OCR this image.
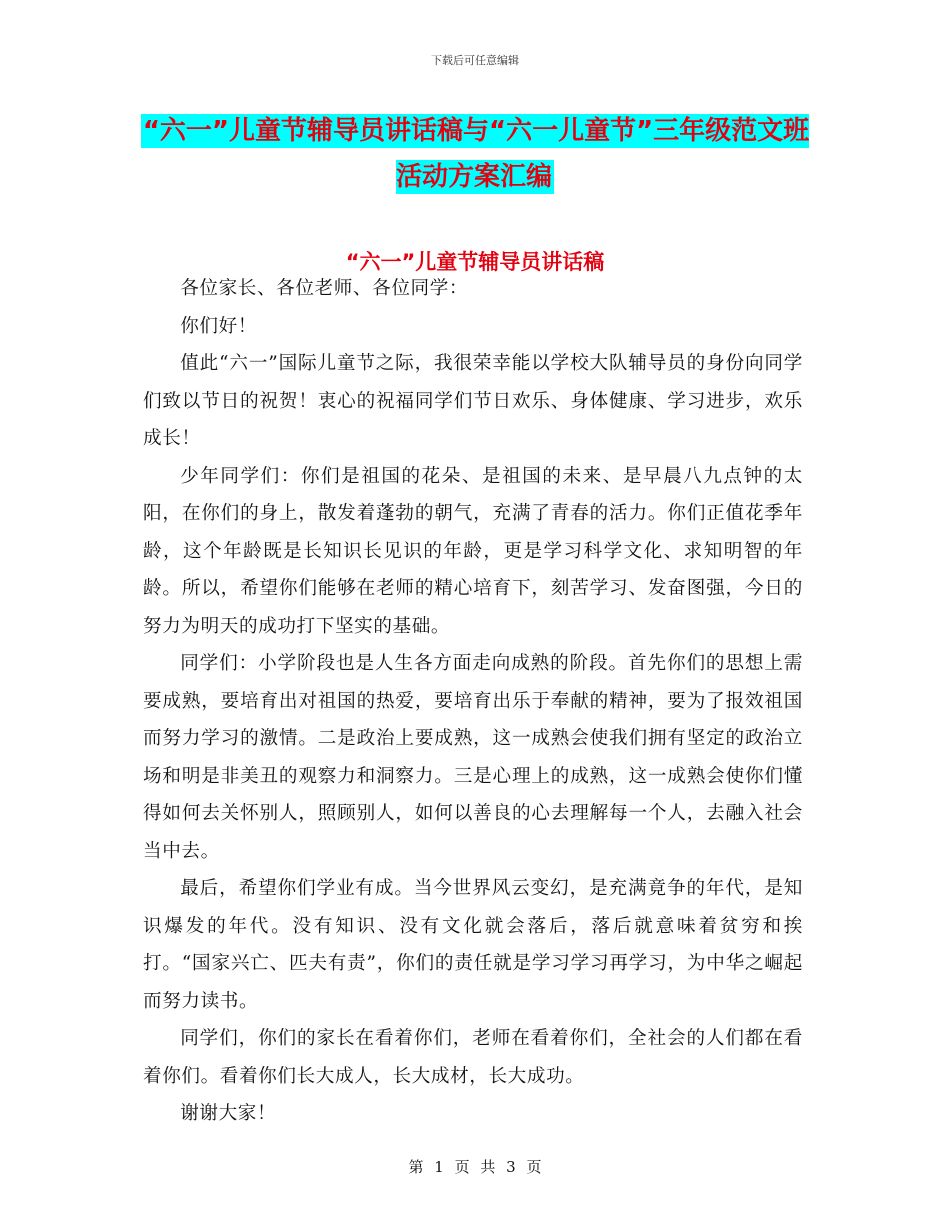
下载后可任意编辑
“六一”儿童节辅导员讲话稿与“六一儿童节”三年级范文班活动方案汇编
“六一”儿童节辅导员讲话稿

各位家长、各位老师、各位同学：

你们好！

值此“六一”国际儿童节之际，我很荣幸能以学校大队辅导员的身份向同学们致以节日的祝贺！衷心的祝福同学们节日欢乐、身体健康、学习进步，欢乐成长！

少年同学们：你们是祖国的花朵、是祖国的未来、是早晨八九点钟的太阳，在你们的身上，散发着蓬勃的朝气，充满了青春的活力。你们正值花季年龄，这个年龄既是长知识长见识的年龄，更是学习科学文化、求知明智的年龄。所以，希望你们能够在老师的精心培育下，刻苦学习、发奋图强，今日的努力为明天的成功打下坚实的基础。

同学们：小学阶段也是人生各方面走向成熟的阶段。首先你们的思想上需要成熟，要培育出对祖国的热爱，要培育出乐于奉献的精神，要为了报效祖国而努力学习的激情。二是政治上要成熟，这一成熟会使我们拥有坚定的政治立场和明是非美丑的观察力和洞察力。三是心理上的成熟，这一成熟会使你们懂得如何去关怀别人，照顾别人，如何以善良的心去理解每一个人，去融入社会当中去。

最后，希望你们学业有成。当今世界风云变幻，是充满竟争的年代，是知识爆发的年代。没有知识、没有文化就会落后，落后就意味着贫穷和挨打。“国家兴亡、匹夫有责”，你们的责任就是学习学习再学习，为中华之崛起而努力读书。

同学们，你们的家长在看着你们，老师在看着你们，全社会的人们都在看着你们。看着你们长大成人，长大成材，长大成功。

谢谢大家！

第 1 页 共 3 页
